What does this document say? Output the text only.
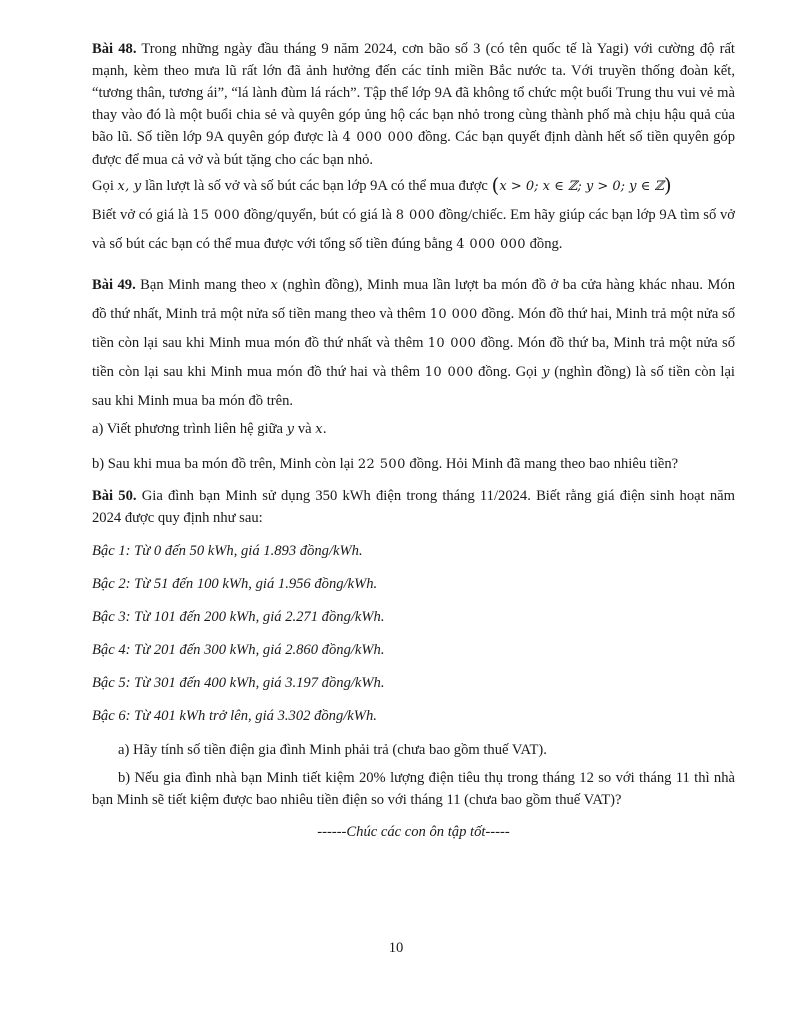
Bài 48. Trong những ngày đầu tháng 9 năm 2024, cơn bão số 3 (có tên quốc tế là Yagi) với cường độ rất mạnh, kèm theo mưa lũ rất lớn đã ảnh hưởng đến các tỉnh miền Bắc nước ta. Với truyền thống đoàn kết, “tương thân, tương ái”, “lá lành đùm lá rách”. Tập thể lớp 9A đã không tổ chức một buổi Trung thu vui vẻ mà thay vào đó là một buổi chia sẻ và quyên góp ủng hộ các bạn nhỏ trong cùng thành phố mà chịu hậu quả của bão lũ. Số tiền lớp 9A quyên góp được là 4 000 000 đồng. Các bạn quyết định dành hết số tiền quyên góp được để mua cả vở và bút tặng cho các bạn nhỏ.
Gọi x, y lần lượt là số vở và số bút các bạn lớp 9A có thể mua được (x > 0; x ∈ ℤ; y > 0; y ∈ ℤ)
Biết vở có giá là 15 000 đồng/quyển, bút có giá là 8 000 đồng/chiếc. Em hãy giúp các bạn lớp 9A tìm số vở và số bút các bạn có thể mua được với tổng số tiền đúng bằng 4 000 000 đồng.
Bài 49. Bạn Minh mang theo x (nghìn đồng), Minh mua lần lượt ba món đồ ở ba cửa hàng khác nhau. Món đồ thứ nhất, Minh trả một nửa số tiền mang theo và thêm 10 000 đồng. Món đồ thứ hai, Minh trả một nửa số tiền còn lại sau khi Minh mua món đồ thứ nhất và thêm 10 000 đồng. Món đồ thứ ba, Minh trả một nửa số tiền còn lại sau khi Minh mua món đồ thứ hai và thêm 10 000 đồng. Gọi y (nghìn đồng) là số tiền còn lại sau khi Minh mua ba món đồ trên.
a) Viết phương trình liên hệ giữa y và x.
b) Sau khi mua ba món đồ trên, Minh còn lại 22 500 đồng. Hỏi Minh đã mang theo bao nhiêu tiền?
Bài 50. Gia đình bạn Minh sử dụng 350 kWh điện trong tháng 11/2024. Biết rằng giá điện sinh hoạt năm 2024 được quy định như sau:

Bậc 1: Từ 0 đến 50 kWh, giá 1.893 đồng/kWh.

Bậc 2: Từ 51 đến 100 kWh, giá 1.956 đồng/kWh.

Bậc 3: Từ 101 đến 200 kWh, giá 2.271 đồng/kWh.

Bậc 4: Từ 201 đến 300 kWh, giá 2.860 đồng/kWh.

Bậc 5: Từ 301 đến 400 kWh, giá 3.197 đồng/kWh.

Bậc 6: Từ 401 kWh trở lên, giá 3.302 đồng/kWh.

a) Hãy tính số tiền điện gia đình Minh phải trả (chưa bao gồm thuế VAT).

b) Nếu gia đình nhà bạn Minh tiết kiệm 20% lượng điện tiêu thụ trong tháng 12 so với tháng 11 thì nhà bạn Minh sẽ tiết kiệm được bao nhiêu tiền điện so với tháng 11 (chưa bao gồm thuế VAT)?

------Chúc các con ôn tập tốt-----

10
